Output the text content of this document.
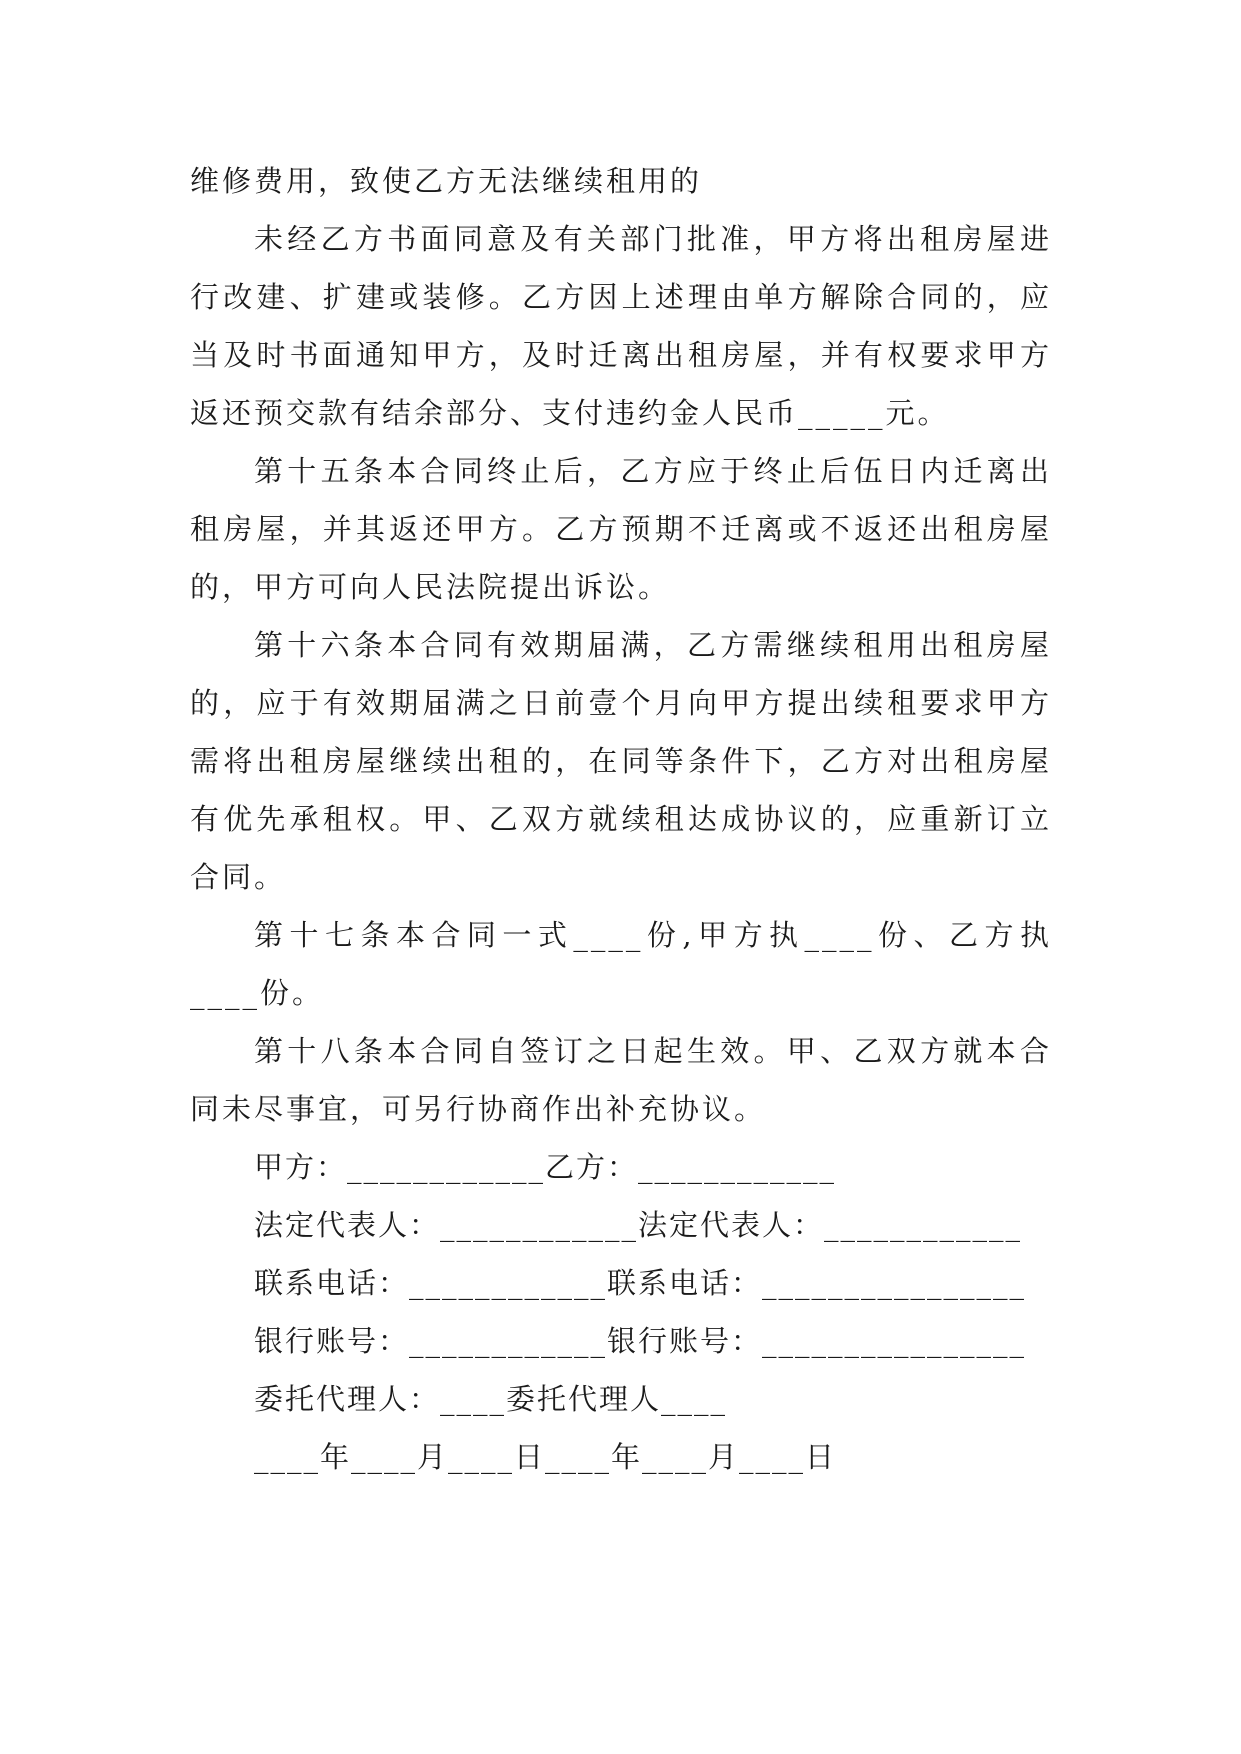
维修费用，致使乙方无法继续租用的

未经乙方书面同意及有关部门批准，甲方将出租房屋进行改建、扩建或装修。乙方因上述理由单方解除合同的，应当及时书面通知甲方，及时迁离出租房屋，并有权要求甲方返还预交款有结余部分、支付违约金人民币_____元。

第十五条本合同终止后，乙方应于终止后伍日内迁离出租房屋，并其返还甲方。乙方预期不迁离或不返还出租房屋的，甲方可向人民法院提出诉讼。

第十六条本合同有效期届满，乙方需继续租用出租房屋的，应于有效期届满之日前壹个月向甲方提出续租要求甲方需将出租房屋继续出租的，在同等条件下，乙方对出租房屋有优先承租权。甲、乙双方就续租达成协议的，应重新订立合同。

第十七条本合同一式____份,甲方执____份、乙方执____份。

第十八条本合同自签订之日起生效。甲、乙双方就本合同未尽事宜，可另行协商作出补充协议。

甲方：____________乙方：____________
法定代表人：____________法定代表人：____________
联系电话：____________联系电话：________________
银行账号：____________银行账号：________________
委托代理人：____委托代理人____
____年____月____日____年____月____日
